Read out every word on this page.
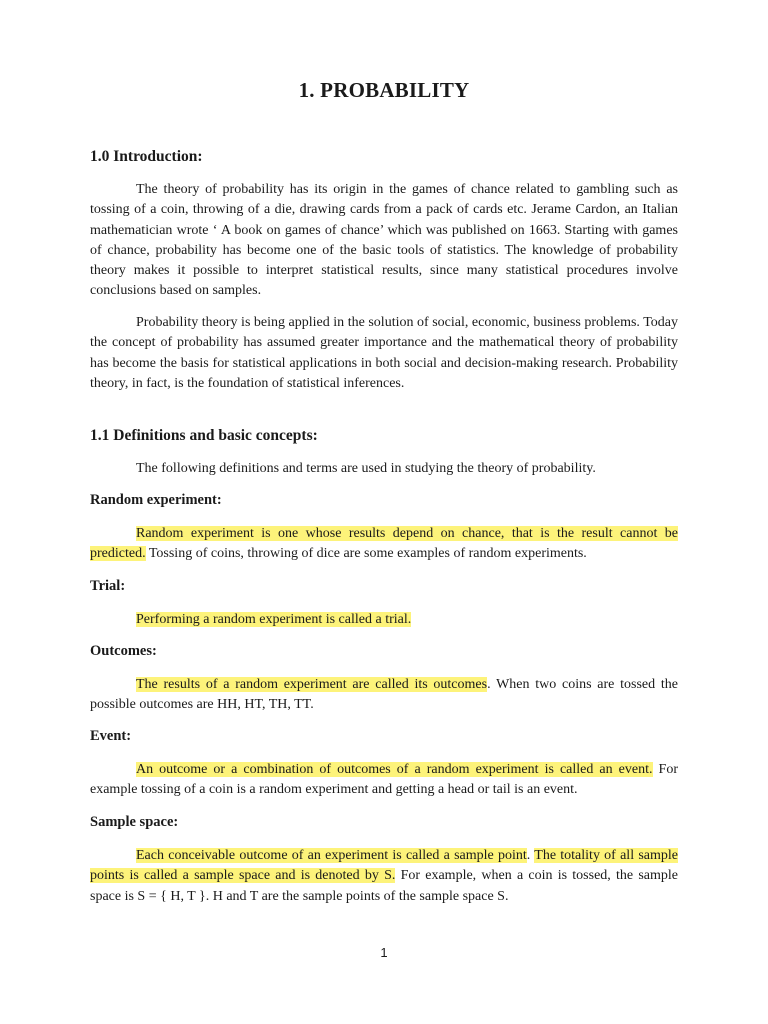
1. PROBABILITY
1.0 Introduction:

The theory of probability has its origin in the games of chance related to gambling such as tossing of a coin, throwing of a die, drawing cards from a pack of cards etc. Jerame Cardon, an Italian mathematician wrote ‘ A book on games of chance’ which was published on 1663. Starting with games of chance, probability has become one of the basic tools of statistics. The knowledge of probability theory makes it possible to interpret statistical results, since many statistical procedures involve conclusions based on samples.

Probability theory is being applied in the solution of social, economic, business problems. Today the concept of probability has assumed greater importance and the mathematical theory of probability has become the basis for statistical applications in both social and decision-making research. Probability theory, in fact, is the foundation of statistical inferences.

1.1 Definitions and basic concepts:

The following definitions and terms are used in studying the theory of probability.

Random experiment:

Random experiment is one whose results depend on chance, that is the result cannot be predicted. Tossing of coins, throwing of dice are some examples of random experiments.

Trial:

Performing a random experiment is called a trial.

Outcomes:

The results of a random experiment are called its outcomes. When two coins are tossed the possible outcomes are HH, HT, TH, TT.

Event:

An outcome or a combination of outcomes of a random experiment is called an event. For example tossing of a coin is a random experiment and getting a head or tail is an event.

Sample space:

Each conceivable outcome of an experiment is called a sample point. The totality of all sample points is called a sample space and is denoted by S. For example, when a coin is tossed, the sample space is S = { H, T }. H and T are the sample points of the sample space S.

1
